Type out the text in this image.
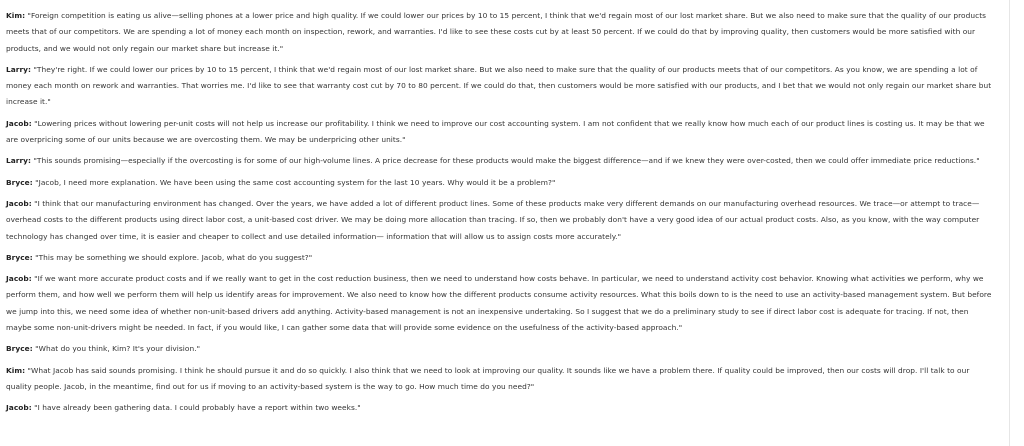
Kim: "Foreign competition is eating us alive—selling phones at a lower price and high quality. If we could lower our prices by 10 to 15 percent, I think that we'd regain most of our lost market share. But we also need to make sure that the quality of our products meets that of our competitors. We are spending a lot of money each month on inspection, rework, and warranties. I'd like to see these costs cut by at least 50 percent. If we could do that by improving quality, then customers would be more satisfied with our products, and we would not only regain our market share but increase it."

Larry: "They're right. If we could lower our prices by 10 to 15 percent, I think that we'd regain most of our lost market share. But we also need to make sure that the quality of our products meets that of our competitors. As you know, we are spending a lot of money each month on rework and warranties. That worries me. I'd like to see that warranty cost cut by 70 to 80 percent. If we could do that, then customers would be more satisfied with our products, and I bet that we would not only regain our market share but increase it."

Jacob: "Lowering prices without lowering per-unit costs will not help us increase our profitability. I think we need to improve our cost accounting system. I am not confident that we really know how much each of our product lines is costing us. It may be that we are overpricing some of our units because we are overcosting them. We may be underpricing other units."

Larry: "This sounds promising—especially if the overcosting is for some of our high-volume lines. A price decrease for these products would make the biggest difference—and if we knew they were over-costed, then we could offer immediate price reductions."

Bryce: "Jacob, I need more explanation. We have been using the same cost accounting system for the last 10 years. Why would it be a problem?"

Jacob: "I think that our manufacturing environment has changed. Over the years, we have added a lot of different product lines. Some of these products make very different demands on our manufacturing overhead resources. We trace—or attempt to trace—overhead costs to the different products using direct labor cost, a unit-based cost driver. We may be doing more allocation than tracing. If so, then we probably don't have a very good idea of our actual product costs. Also, as you know, with the way computer technology has changed over time, it is easier and cheaper to collect and use detailed information— information that will allow us to assign costs more accurately."

Bryce: "This may be something we should explore. Jacob, what do you suggest?"

Jacob: "If we want more accurate product costs and if we really want to get in the cost reduction business, then we need to understand how costs behave. In particular, we need to understand activity cost behavior. Knowing what activities we perform, why we perform them, and how well we perform them will help us identify areas for improvement. We also need to know how the different products consume activity resources. What this boils down to is the need to use an activity-based management system. But before we jump into this, we need some idea of whether non-unit-based drivers add anything. Activity-based management is not an inexpensive undertaking. So I suggest that we do a preliminary study to see if direct labor cost is adequate for tracing. If not, then maybe some non-unit-drivers might be needed. In fact, if you would like, I can gather some data that will provide some evidence on the usefulness of the activity-based approach."

Bryce: "What do you think, Kim? It's your division."

Kim: "What Jacob has said sounds promising. I think he should pursue it and do so quickly. I also think that we need to look at improving our quality. It sounds like we have a problem there. If quality could be improved, then our costs will drop. I'll talk to our quality people. Jacob, in the meantime, find out for us if moving to an activity-based system is the way to go. How much time do you need?"

Jacob: "I have already been gathering data. I could probably have a report within two weeks."
